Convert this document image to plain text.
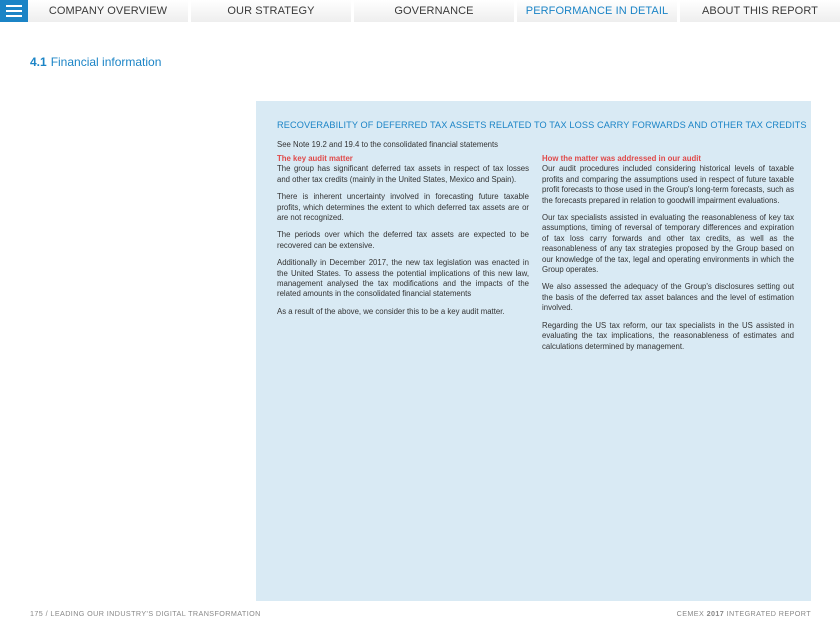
COMPANY OVERVIEW	OUR STRATEGY	GOVERNANCE	PERFORMANCE IN DETAIL	ABOUT THIS REPORT
4.1 Financial information
RECOVERABILITY OF DEFERRED TAX ASSETS RELATED TO TAX LOSS CARRY FORWARDS AND OTHER TAX CREDITS
See Note 19.2 and 19.4 to the consolidated financial statements
The key audit matter

The group has significant deferred tax assets in respect of tax losses and other tax credits (mainly in the United States, Mexico and Spain).

There is inherent uncertainty involved in forecasting future taxable profits, which determines the extent to which deferred tax assets are or are not recognized.

The periods over which the deferred tax assets are expected to be recovered can be extensive.

Additionally in December 2017, the new tax legislation was enacted in the United States. To assess the potential implications of this new law, management analysed the tax modifications and the impacts of the related amounts in the consolidated financial statements

As a result of the above, we consider this to be a key audit matter.

How the matter was addressed in our audit

Our audit procedures included considering historical levels of taxable profits and comparing the assumptions used in respect of future taxable profit forecasts to those used in the Group's long-term forecasts, such as the forecasts prepared in relation to goodwill impairment evaluations.

Our tax specialists assisted in evaluating the reasonableness of key tax assumptions, timing of reversal of temporary differences and expiration of tax loss carry forwards and other tax credits, as well as the reasonableness of any tax strategies proposed by the Group based on our knowledge of the tax, legal and operating environments in which the Group operates.

We also assessed the adequacy of the Group's disclosures setting out the basis of the deferred tax asset balances and the level of estimation involved.

Regarding the US tax reform, our tax specialists in the US assisted in evaluating the tax implications, the reasonableness of estimates and calculations determined by management.

175 / LEADING OUR INDUSTRY'S DIGITAL TRANSFORMATION	CEMEX 2017 INTEGRATED REPORT
